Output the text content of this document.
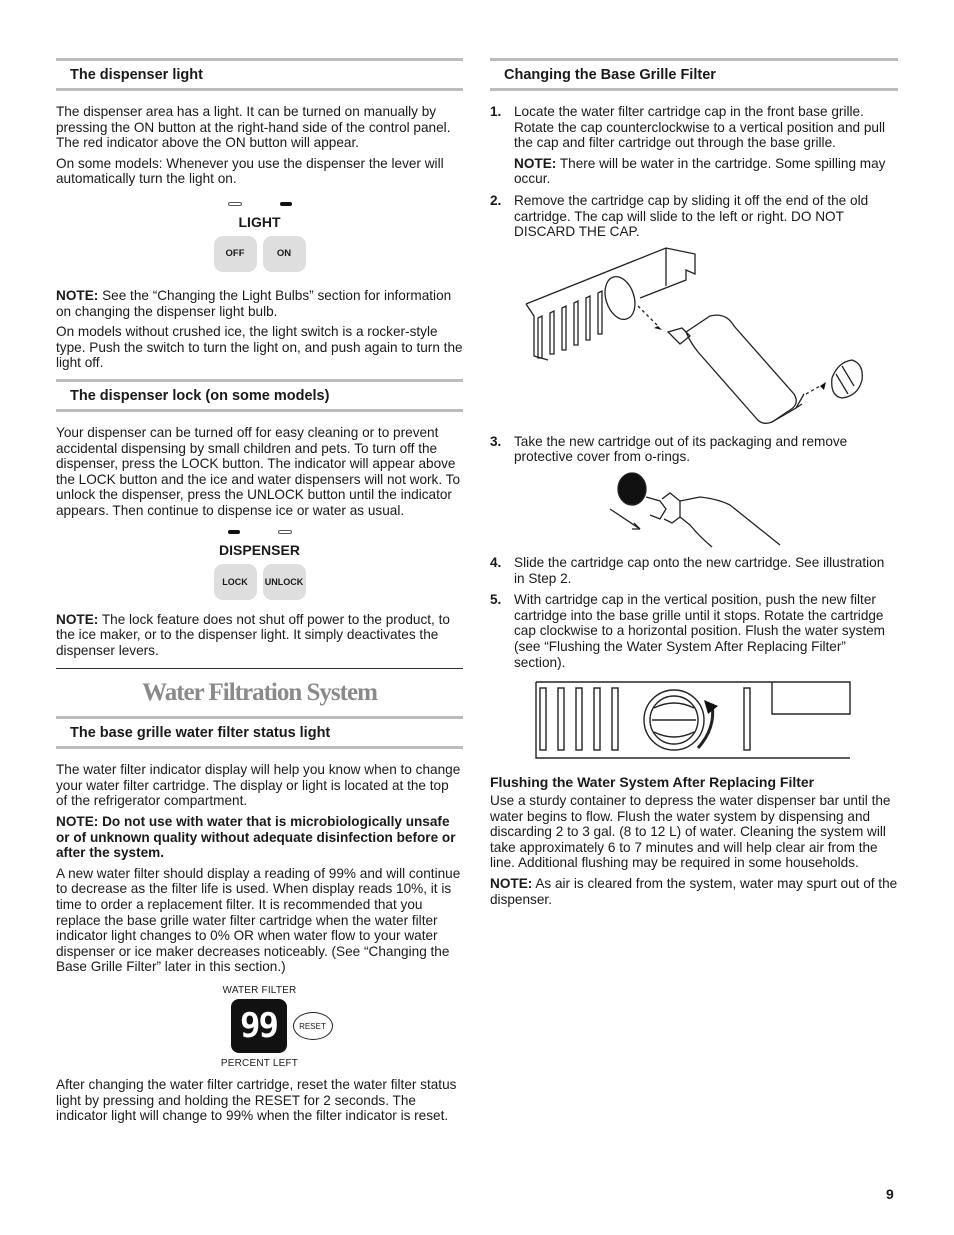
The dispenser light

The dispenser area has a light. It can be turned on manually by pressing the ON button at the right-hand side of the control panel. The red indicator above the ON button will appear.

On some models: Whenever you use the dispenser the lever will automatically turn the light on.

LIGHT
OFF	ON

NOTE: See the “Changing the Light Bulbs” section for information on changing the dispenser light bulb.

On models without crushed ice, the light switch is a rocker-style type. Push the switch to turn the light on, and push again to turn the light off.

The dispenser lock (on some models)

Your dispenser can be turned off for easy cleaning or to prevent accidental dispensing by small children and pets. To turn off the dispenser, press the LOCK button. The indicator will appear above the LOCK button and the ice and water dispensers will not work. To unlock the dispenser, press the UNLOCK button until the indicator appears. Then continue to dispense ice or water as usual.

DISPENSER
LOCK	UNLOCK

NOTE: The lock feature does not shut off power to the product, to the ice maker, or to the dispenser light. It simply deactivates the dispenser levers.

Water Filtration System
The base grille water filter status light

The water filter indicator display will help you know when to change your water filter cartridge. The display or light is located at the top of the refrigerator compartment.

NOTE: Do not use with water that is microbiologically unsafe or of unknown quality without adequate disinfection before or after the system.

A new water filter should display a reading of 99% and will continue to decrease as the filter life is used. When display reads 10%, it is time to order a replacement filter. It is recommended that you replace the base grille water filter cartridge when the water filter indicator light changes to 0% OR when water flow to your water dispenser or ice maker decreases noticeably. (See “Changing the Base Grille Filter” later in this section.)

WATER FILTER
99	RESET
PERCENT LEFT

After changing the water filter cartridge, reset the water filter status light by pressing and holding the RESET for 2 seconds. The indicator light will change to 99% when the filter indicator is reset.

Changing the Base Grille Filter
1. Locate the water filter cartridge cap in the front base grille. Rotate the cap counterclockwise to a vertical position and pull the cap and filter cartridge out through the base grille.

NOTE: There will be water in the cartridge. Some spilling may occur.

2. Remove the cartridge cap by sliding it off the end of the old cartridge. The cap will slide to the left or right. DO NOT DISCARD THE CAP.

3. Take the new cartridge out of its packaging and remove protective cover from o-rings.

4. Slide the cartridge cap onto the new cartridge. See illustration in Step 2.

5. With cartridge cap in the vertical position, push the new filter cartridge into the base grille until it stops. Rotate the cartridge cap clockwise to a horizontal position. Flush the water system (see “Flushing the Water System After Replacing Filter” section).

Flushing the Water System After Replacing Filter

Use a sturdy container to depress the water dispenser bar until the water begins to flow. Flush the water system by dispensing and discarding 2 to 3 gal. (8 to 12 L) of water. Cleaning the system will take approximately 6 to 7 minutes and will help clear air from the line. Additional flushing may be required in some households.

NOTE: As air is cleared from the system, water may spurt out of the dispenser.

9
